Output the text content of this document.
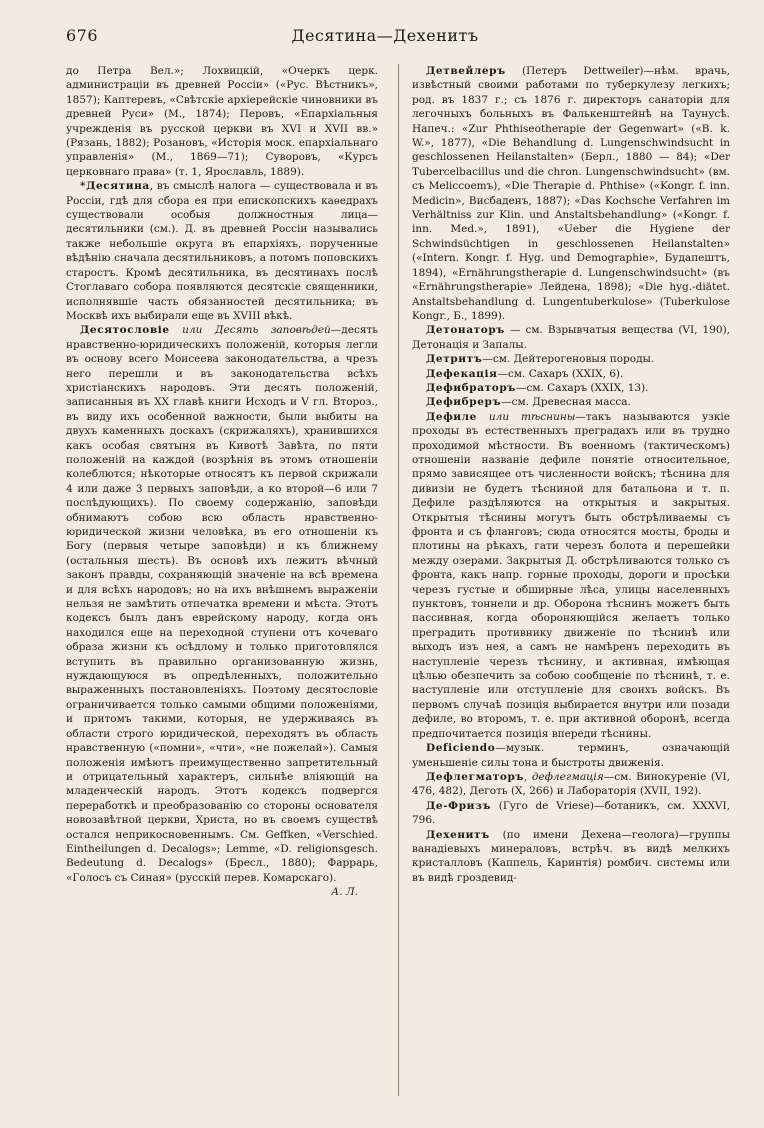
676	Десятина—Дехенитъ

до Петра Вел.»; Лохвицкій, «Очеркъ церк. администраціи въ древней Россіи» («Рус. Вѣстникъ», 1857); Каптеревъ, «Свѣтскіе архіерейскіе чиновники въ древней Руси» (М., 1874); Перовъ, «Епархіальныя учрежденія въ русской церкви въ XVI и XVII вв.» (Рязань, 1882); Розановъ, «Исторія моск. епархіальнаго управленія» (М., 1869—71); Суворовъ, «Курсъ церковнаго права» (т. 1, Ярославль, 1889).

*Десятина, въ смыслѣ налога — существовала и въ Россіи, гдѣ для сбора ея при епископскихъ каѳедрахъ существовали особыя должностныя лица—десятильники (см.). Д. въ древней Россіи назывались также небольшіе округа въ епархіяхъ, порученные вѣдѣнію сначала десятильниковъ, а потомъ поповскихъ старостъ. Кромѣ десятильника, въ десятинахъ послѣ Стоглаваго собора появляются десятскіе священники, исполнявшіе часть обязанностей десятильника; въ Москвѣ ихъ выбирали еще въ XVIII вѣкѣ.

Десятословіе или Десять заповѣдей—десять нравственно-юридическихъ положеній, которыя легли въ основу всего Моисеева законодательства, а чрезъ него перешли и въ законодательства всѣхъ христіанскихъ народовъ. Эти десять положеній, записанныя въ XX главѣ книги Исходъ и V гл. Второз., въ виду ихъ особенной важности, были выбиты на двухъ каменныхъ доскахъ (скрижаляхъ), хранившихся какъ особая святыня въ Кивотѣ Завѣта, по пяти положеній на каждой (возрѣнія въ этомъ отношеніи колеблются; нѣкоторые относятъ къ первой скрижали 4 или даже 3 первыхъ заповѣди, а ко второй—6 или 7 послѣдующихъ). По своему содержанію, заповѣди обнимаютъ собою всю область нравственно-юридической жизни человѣка, въ его отношеніи къ Богу (первыя четыре заповѣди) и къ ближнему (остальныя шесть). Въ основѣ ихъ лежитъ вѣчный законъ правды, сохраняющій значеніе на всѣ времена и для всѣхъ народовъ; но на ихъ внѣшнемъ выраженіи нельзя не замѣтить отпечатка времени и мѣста. Этотъ кодексъ былъ данъ еврейскому народу, когда онъ находился еще на переходной ступени отъ кочеваго образа жизни къ осѣдлому и только приготовлялся вступить въ правильно организованную жизнь, нуждающуюся въ опредѣленныхъ, положительно выраженныхъ постановленіяхъ. Поэтому десятословіе ограничивается только самыми общими положеніями, и притомъ такими, которыя, не удерживаясь въ области строго юридической, переходятъ въ область нравственную («помни», «чти», «не пожелай»). Самыя положенія имѣютъ преимущественно запретительный и отрицательный характеръ, сильнѣе вліяющій на младенческій народъ. Этотъ кодексъ подвергся переработкѣ и преобразованію со стороны основателя новозавѣтной церкви, Христа, но въ своемъ существѣ остался неприкосновеннымъ. См. Geffken, «Verschied. Eintheilungen d. Decalogs»; Lemme, «D. religionsgesch. Bedeutung d. Decalogs» (Бресл., 1880); Фаррарь, «Голосъ съ Синая» (русскій перев. Комарскаго).
А. Л.

Детвейлеръ (Петеръ Dettweiler)—нѣм. врачь, извѣстный своими работами по туберкулезу легкихъ; род. въ 1837 г.; съ 1876 г. директоръ санаторіи для легочныхъ больныхъ въ Фалькенштейнѣ на Таунусѣ. Напеч.: «Zur Phthiseotherapie der Gegenwart» («B. k. W.», 1877), «Die Behandlung d. Lungenschwindsucht in geschlossenen Heilanstalten» (Берл., 1880 — 84); «Der Tubercelbacillus und die chron. Lungenschwindsucht» (вм. съ Meliccoemъ), «Die Therapie d. Phthise» («Kongr. f. inn. Medicin», Висбаденъ, 1887); «Das Kochsche Verfahren im Verhältniss zur Klin. und Anstaltsbehandlung» («Kongr. f. inn. Med.», 1891), «Ueber die Hygiene der Schwindsüchtigen in geschlossenen Heilanstalten» («Intern. Kongr. f. Hyg. und Demographie», Будапештъ, 1894), «Ernährungstherapie d. Lungenschwindsucht» (въ «Ernährungstherapie» Лейдена, 1898); «Die hyg.-diätet. Anstaltsbehandlung d. Lungentuberkulose» (Tuberkulose Kongr., Б., 1899).

Детонаторъ — см. Взрывчатыя вещества (VI, 190), Детонація и Запалы.

Детритъ—см. Дейтерогеновыя породы.

Дефекація—см. Сахаръ (XXIX, 6).

Дефибраторъ—см. Сахаръ (XXIX, 13).

Дефибреръ—см. Древесная масса.

Дефиле или тѣснины—такъ называются узкіе проходы въ естественныхъ преградахъ или въ трудно проходимой мѣстности. Въ военномъ (тактическомъ) отношеніи названіе дефиле понятіе относительное, прямо зависящее отъ численности войскъ; тѣснина для дивизіи не будетъ тѣсниной для батальона и т. п. Дефиле раздѣляются на открытыя и закрытыя. Открытыя тѣснины могутъ быть обстрѣливаемы съ фронта и съ фланговъ; сюда относятся мосты, броды и плотины на рѣкахъ, гати черезъ болота и перешейки между озерами. Закрытыя Д. обстрѣливаются только съ фронта, какъ напр. горные проходы, дороги и просѣки черезъ густые и обширные лѣса, улицы населенныхъ пунктовъ, тоннели и др. Оборона тѣснинъ можетъ быть пассивная, когда обороняющійся желаетъ только преградить противнику движеніе по тѣснинѣ или выходъ изъ нея, а самъ не намѣренъ переходить въ наступленіе черезъ тѣснину, и активная, имѣющая цѣлью обезпечить за собою сообщеніе по тѣснинѣ, т. е. наступленіе или отступленіе для своихъ войскъ. Въ первомъ случаѣ позиція выбирается внутри или позади дефиле, во второмъ, т. е. при активной оборонѣ, всегда предпочитается позиція впереди тѣснины.

Deficiendo—музык. терминъ, означающій уменьшеніе силы тона и быстроты движенія.

Дефлегматоръ, дефлегмація—см. Винокуреніе (VI, 476, 482), Деготь (X, 266) и Лабораторія (XVII, 192).

Де-Фризъ (Гуго de Vriese)—ботаникъ, см. XXXVI, 796.

Дехенитъ (по имени Дехена—геолога)—группы ванадіевыхъ минераловъ, встрѣч. въ видѣ мелкихъ кристалловъ (Каппель, Каринтія) ромбич. системы или въ видѣ гроздевид-
